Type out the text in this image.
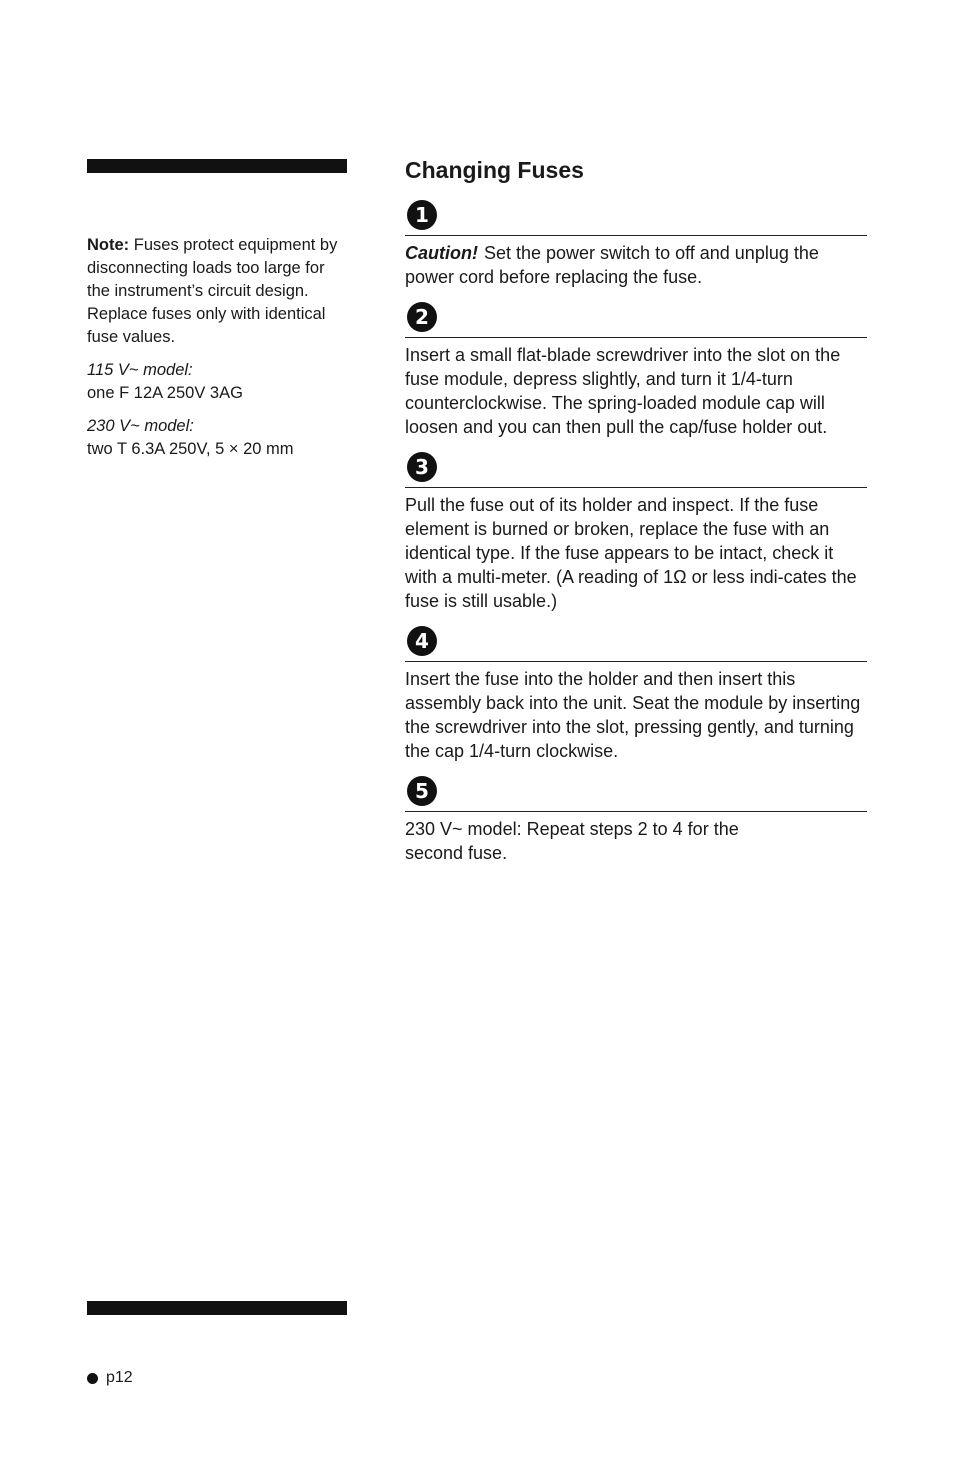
Note: Fuses protect equipment by disconnecting loads too large for the instrument’s circuit design. Replace fuses only with identical fuse values.

115 V~ model:
one F 12A 250V 3AG
230 V~ model:
two T 6.3A 250V, 5 × 20 mm
Changing Fuses
1

Caution! Set the power switch to off and unplug the power cord before replacing the fuse.

2

Insert a small flat-blade screwdriver into the slot on the fuse module, depress slightly, and turn it 1/4-turn counterclockwise. The spring-loaded module cap will loosen and you can then pull the cap/fuse holder out.

3

Pull the fuse out of its holder and inspect. If the fuse element is burned or broken, replace the fuse with an identical type. If the fuse appears to be intact, check it with a multi-meter. (A reading of 1Ω or less indi-cates the fuse is still usable.)

4

Insert the fuse into the holder and then insert this assembly back into the unit. Seat the module by inserting the screwdriver into the slot, pressing gently, and turning the cap 1/4-turn clockwise.

5

230 V~ model: Repeat steps 2 to 4 for the second fuse.

p12
